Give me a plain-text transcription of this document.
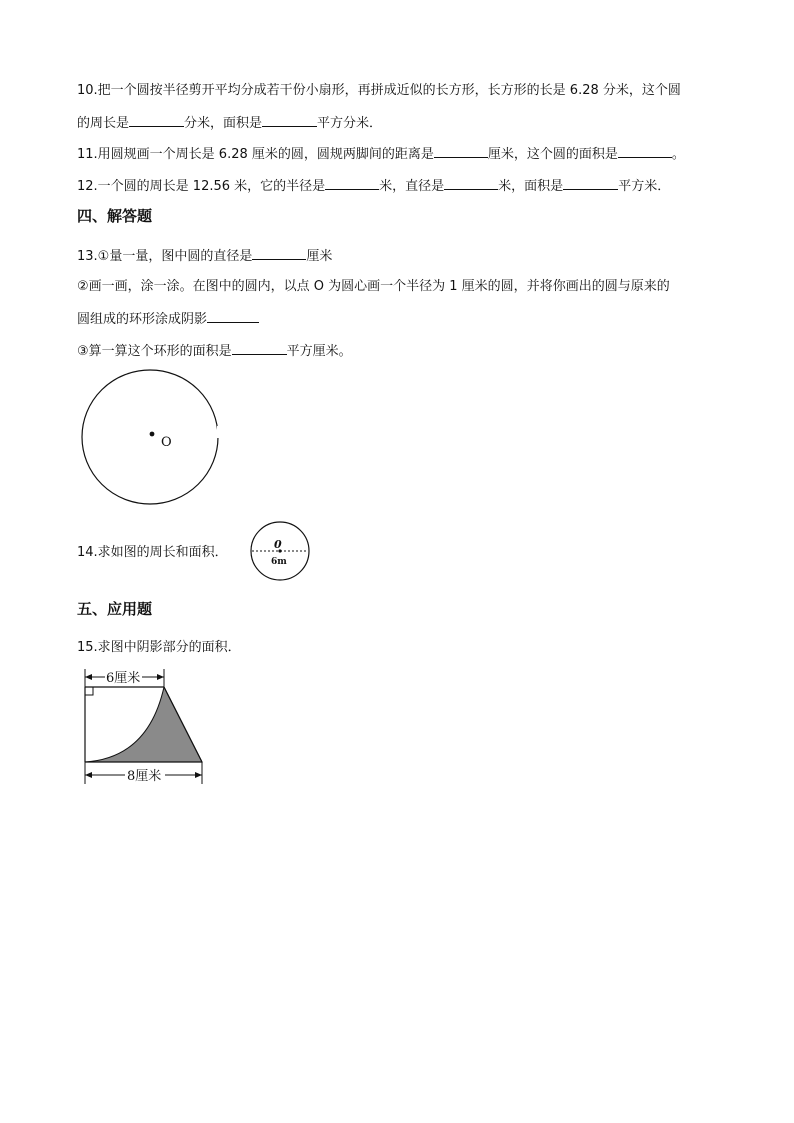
10.把一个圆按半径剪开平均分成若干份小扇形，再拼成近似的长方形，长方形的长是 6.28 分米，这个圆
的周长是	分米，面积是	平方分米．
11.用圆规画一个周长是 6.28 厘米的圆，圆规两脚间的距离是	厘米，这个圆的面积是	。
12.一个圆的周长是 12.56 米，它的半径是	米，直径是	米，面积是	平方米．
四、解答题
13.①量一量，图中圆的直径是	厘米
②画一画，涂一涂。在图中的圆内，以点 O 为圆心画一个半径为 1 厘米的圆，并将你画出的圆与原来的
圆组成的环形涂成阴影
③算一算这个环形的面积是	平方厘米。
O
14.求如图的周长和面积．
0
6m
五、应用题
15.求图中阴影部分的面积．
6厘米
8厘米
